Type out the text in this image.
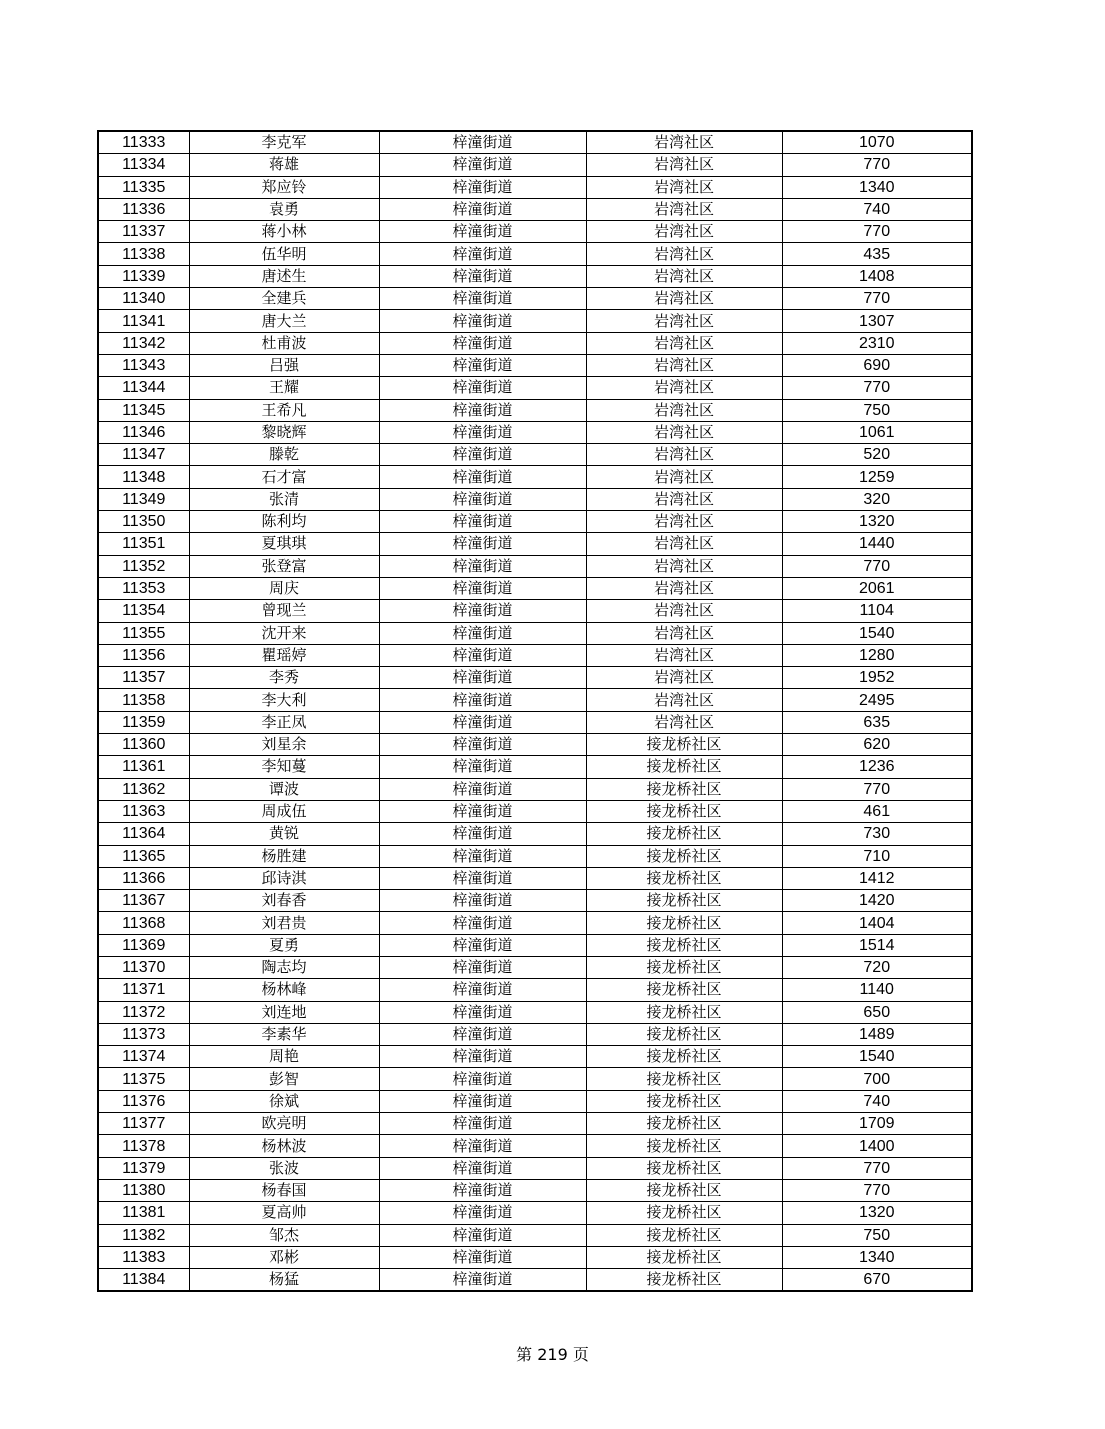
11333	李克军	梓潼街道	岩湾社区	1070
11334	蒋雄	梓潼街道	岩湾社区	770
11335	郑应铃	梓潼街道	岩湾社区	1340
11336	袁勇	梓潼街道	岩湾社区	740
11337	蒋小林	梓潼街道	岩湾社区	770
11338	伍华明	梓潼街道	岩湾社区	435
11339	唐述生	梓潼街道	岩湾社区	1408
11340	全建兵	梓潼街道	岩湾社区	770
11341	唐大兰	梓潼街道	岩湾社区	1307
11342	杜甫波	梓潼街道	岩湾社区	2310
11343	吕强	梓潼街道	岩湾社区	690
11344	王耀	梓潼街道	岩湾社区	770
11345	王希凡	梓潼街道	岩湾社区	750
11346	黎晓辉	梓潼街道	岩湾社区	1061
11347	滕乾	梓潼街道	岩湾社区	520
11348	石才富	梓潼街道	岩湾社区	1259
11349	张清	梓潼街道	岩湾社区	320
11350	陈利均	梓潼街道	岩湾社区	1320
11351	夏琪琪	梓潼街道	岩湾社区	1440
11352	张登富	梓潼街道	岩湾社区	770
11353	周庆	梓潼街道	岩湾社区	2061
11354	曾现兰	梓潼街道	岩湾社区	1104
11355	沈开来	梓潼街道	岩湾社区	1540
11356	瞿瑶婷	梓潼街道	岩湾社区	1280
11357	李秀	梓潼街道	岩湾社区	1952
11358	李大利	梓潼街道	岩湾社区	2495
11359	李正凤	梓潼街道	岩湾社区	635
11360	刘星余	梓潼街道	接龙桥社区	620
11361	李知蔓	梓潼街道	接龙桥社区	1236
11362	谭波	梓潼街道	接龙桥社区	770
11363	周成伍	梓潼街道	接龙桥社区	461
11364	黄锐	梓潼街道	接龙桥社区	730
11365	杨胜建	梓潼街道	接龙桥社区	710
11366	邱诗淇	梓潼街道	接龙桥社区	1412
11367	刘春香	梓潼街道	接龙桥社区	1420
11368	刘君贵	梓潼街道	接龙桥社区	1404
11369	夏勇	梓潼街道	接龙桥社区	1514
11370	陶志均	梓潼街道	接龙桥社区	720
11371	杨林峰	梓潼街道	接龙桥社区	1140
11372	刘连地	梓潼街道	接龙桥社区	650
11373	李素华	梓潼街道	接龙桥社区	1489
11374	周艳	梓潼街道	接龙桥社区	1540
11375	彭智	梓潼街道	接龙桥社区	700
11376	徐斌	梓潼街道	接龙桥社区	740
11377	欧亮明	梓潼街道	接龙桥社区	1709
11378	杨林波	梓潼街道	接龙桥社区	1400
11379	张波	梓潼街道	接龙桥社区	770
11380	杨春国	梓潼街道	接龙桥社区	770
11381	夏高帅	梓潼街道	接龙桥社区	1320
11382	邹杰	梓潼街道	接龙桥社区	750
11383	邓彬	梓潼街道	接龙桥社区	1340
11384	杨猛	梓潼街道	接龙桥社区	670
第 219 页
